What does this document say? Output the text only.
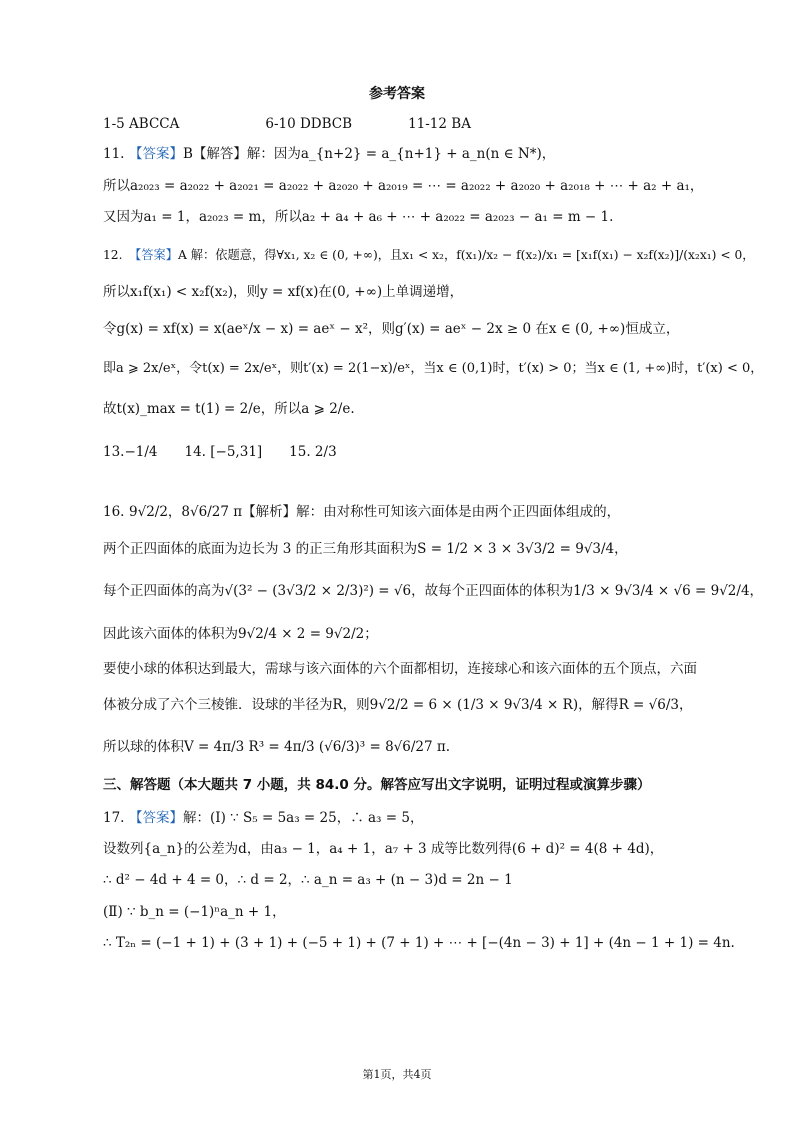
参考答案
1-5 ABCCA	6-10 DDBCB	11-12 BA
11. 【答案】B【解答】解：因为a_{n+2} = a_{n+1} + a_n(n ∈ N*)，
所以a₂₀₂₃ = a₂₀₂₂ + a₂₀₂₁ = a₂₀₂₂ + a₂₀₂₀ + a₂₀₁₉ = ⋯ = a₂₀₂₂ + a₂₀₂₀ + a₂₀₁₈ + ⋯ + a₂ + a₁，
又因为a₁ = 1，a₂₀₂₃ = m，所以a₂ + a₄ + a₆ + ⋯ + a₂₀₂₂ = a₂₀₂₃ − a₁ = m − 1.
12. 【答案】A 解：依题意，得∀x₁, x₂ ∈ (0, +∞)，且x₁ < x₂，f(x₁)/x₂ − f(x₂)/x₁ = [x₁f(x₁) − x₂f(x₂)]/(x₂x₁) < 0，
所以x₁f(x₁) < x₂f(x₂)，则y = xf(x)在(0, +∞)上单调递增，
令g(x) = xf(x) = x(aeˣ/x − x) = aeˣ − x²，则g′(x) = aeˣ − 2x ≥ 0 在x ∈ (0, +∞)恒成立，
即a ⩾ 2x/eˣ，令t(x) = 2x/eˣ，则t′(x) = 2(1−x)/eˣ，当x ∈ (0,1)时，t′(x) > 0；当x ∈ (1, +∞)时，t′(x) < 0，
故t(x)_max = t(1) = 2/e，所以a ⩾ 2/e.
13.−1/4　　14. [−5,31]　　15. 2/3
16. 9√2/2，8√6/27 π【解析】解：由对称性可知该六面体是由两个正四面体组成的，
两个正四面体的底面为边长为 3 的正三角形其面积为S = 1/2 × 3 × 3√3/2 = 9√3/4，
每个正四面体的高为√(3² − (3√3/2 × 2/3)²) = √6，故每个正四面体的体积为1/3 × 9√3/4 × √6 = 9√2/4，
因此该六面体的体积为9√2/4 × 2 = 9√2/2；
要使小球的体积达到最大，需球与该六面体的六个面都相切，连接球心和该六面体的五个顶点，六面
体被分成了六个三棱锥．设球的半径为R，则9√2/2 = 6 × (1/3 × 9√3/4 × R)，解得R = √6/3，
所以球的体积V = 4π/3 R³ = 4π/3 (√6/3)³ = 8√6/27 π.
三、解答题（本大题共 7 小题，共 84.0 分。解答应写出文字说明，证明过程或演算步骤）
17. 【答案】解：(Ⅰ) ∵ S₅ = 5a₃ = 25，∴ a₃ = 5，
设数列{a_n}的公差为d，由a₃ − 1，a₄ + 1，a₇ + 3 成等比数列得(6 + d)² = 4(8 + 4d)，
∴ d² − 4d + 4 = 0，∴ d = 2，∴ a_n = a₃ + (n − 3)d = 2n − 1
(Ⅱ) ∵ b_n = (−1)ⁿa_n + 1，
∴ T₂ₙ = (−1 + 1) + (3 + 1) + (−5 + 1) + (7 + 1) + ⋯ + [−(4n − 3) + 1] + (4n − 1 + 1) = 4n.
第1页，共4页
